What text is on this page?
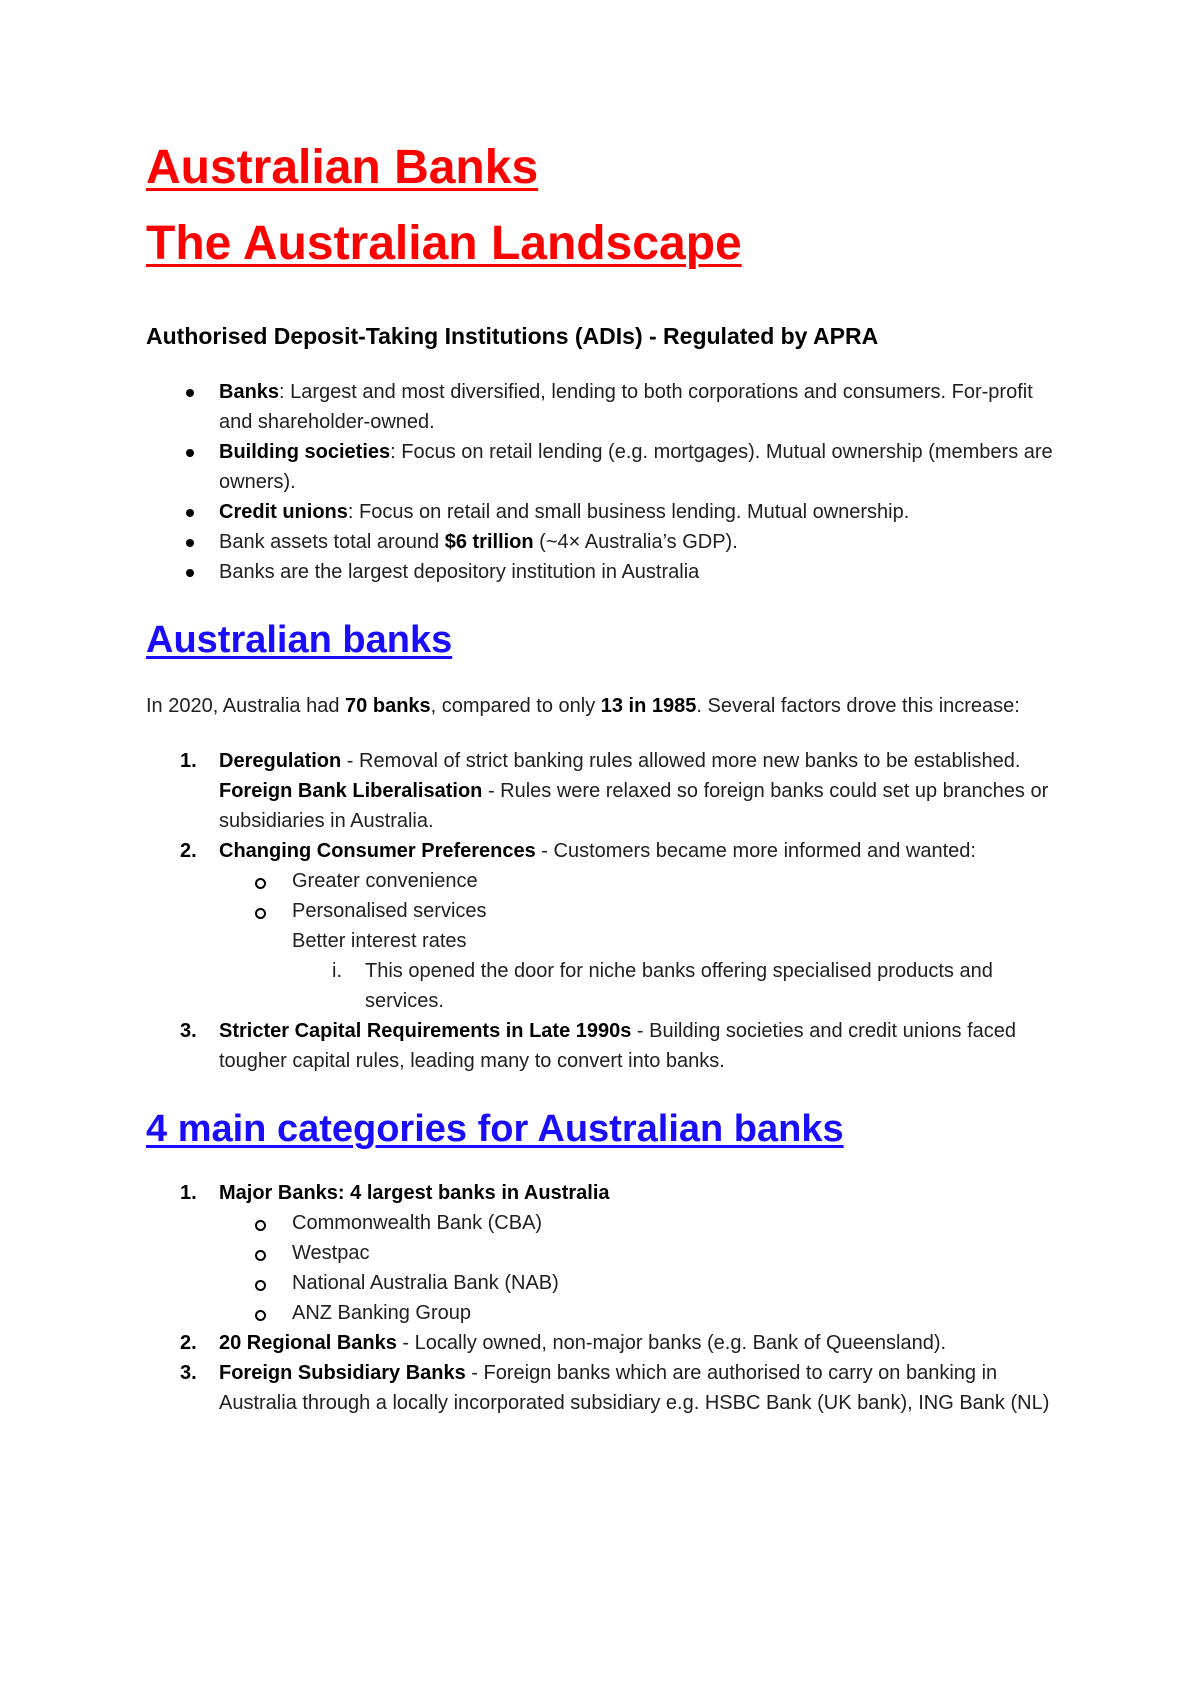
Australian Banks
The Australian Landscape
Authorised Deposit-Taking Institutions (ADIs) - Regulated by APRA
Banks: Largest and most diversified, lending to both corporations and consumers. For-profit and shareholder-owned.
Building societies: Focus on retail lending (e.g. mortgages). Mutual ownership (members are owners).
Credit unions: Focus on retail and small business lending. Mutual ownership.
Bank assets total around $6 trillion (~4× Australia’s GDP).
Banks are the largest depository institution in Australia
Australian banks
In 2020, Australia had 70 banks, compared to only 13 in 1985. Several factors drove this increase:
1. Deregulation - Removal of strict banking rules allowed more new banks to be established.
Foreign Bank Liberalisation - Rules were relaxed so foreign banks could set up branches or subsidiaries in Australia.
2. Changing Consumer Preferences - Customers became more informed and wanted:
Greater convenience
Personalised services
Better interest rates
i. This opened the door for niche banks offering specialised products and services.
3. Stricter Capital Requirements in Late 1990s - Building societies and credit unions faced tougher capital rules, leading many to convert into banks.
4 main categories for Australian banks
1. Major Banks: 4 largest banks in Australia
Commonwealth Bank (CBA)
Westpac
National Australia Bank (NAB)
ANZ Banking Group
2. 20 Regional Banks - Locally owned, non-major banks (e.g. Bank of Queensland).
3. Foreign Subsidiary Banks - Foreign banks which are authorised to carry on banking in Australia through a locally incorporated subsidiary e.g. HSBC Bank (UK bank), ING Bank (NL)
